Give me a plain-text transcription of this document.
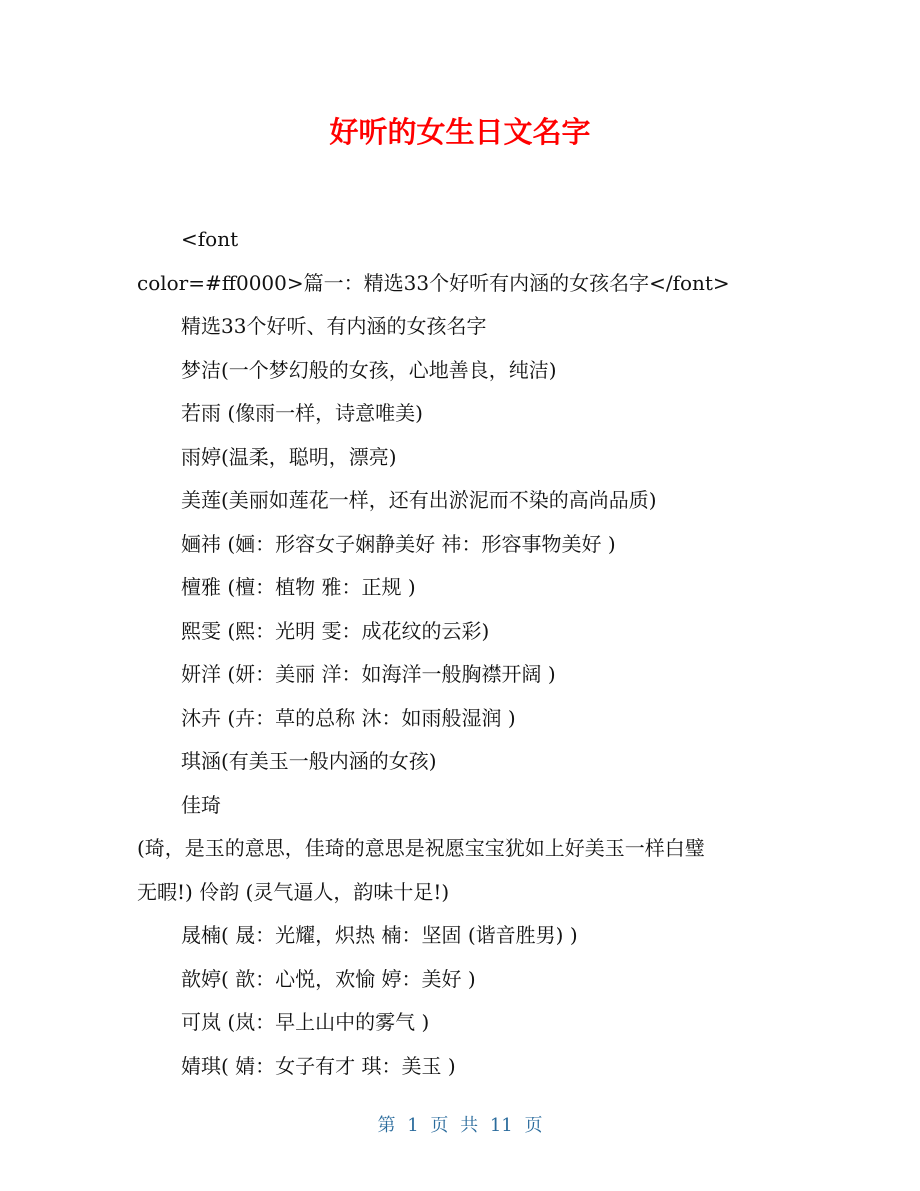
好听的女生日文名字

<font

color=#ff0000>篇一：精选33个好听有内涵的女孩名字</font>

精选33个好听、有内涵的女孩名字

梦洁(一个梦幻般的女孩，心地善良，纯洁)

若雨 (像雨一样，诗意唯美)

雨婷(温柔，聪明，漂亮)

美莲(美丽如莲花一样，还有出淤泥而不染的高尚品质)

婳祎 (婳：形容女子娴静美好 祎：形容事物美好 )

檀雅 (檀：植物 雅：正规 )

熙雯 (熙：光明 雯：成花纹的云彩)

妍洋 (妍：美丽 洋：如海洋一般胸襟开阔 )

沐卉 (卉：草的总称 沐：如雨般湿润 )

琪涵(有美玉一般内涵的女孩)

佳琦

(琦，是玉的意思，佳琦的意思是祝愿宝宝犹如上好美玉一样白璧

无暇!) 伶韵 (灵气逼人，韵味十足!)

晟楠( 晟：光耀，炽热 楠：坚固 (谐音胜男) )

歆婷( 歆：心悦，欢愉 婷：美好 )

可岚 (岚：早上山中的雾气 )

婧琪( 婧：女子有才 琪：美玉 )

第 1 页 共 11 页
